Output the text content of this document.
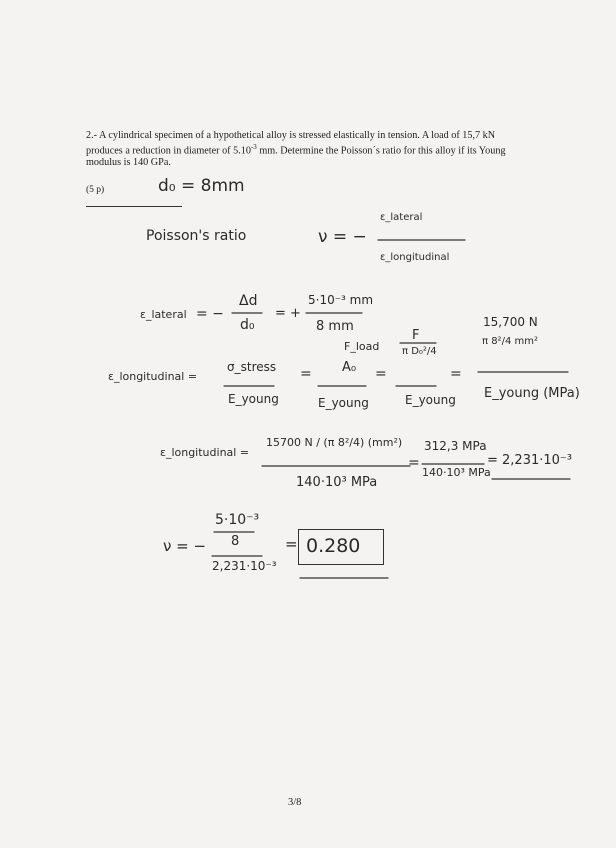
2.- A cylindrical specimen of a hypothetical alloy is stressed elastically in tension. A load of 15,7 kN produces a reduction in diameter of $5.10^{-3}$ mm. Determine the Poisson´s ratio for this alloy if its Young modulus is 140 GPa.
(5 p)	d₀ = 8mm
Poisson's ratio	ν = −
ε_lateral
ε_longitudinal
ε_lateral = −
Δd
d₀
= +
5·10⁻³ mm
8 mm
ε_longitudinal =
σ_stress =
F_load
A₀ =
F
π D₀²/4
=
15,700 N
π 8²/4 mm²
E_young	E_young	E_young E_young (MPa)
ε_longitudinal =
15700 N / (π 8²/4) (mm²)
140·10³ MPa
=
312,3 MPa
140·10³ MPa
= 2,231·10⁻³
ν = −
5·10⁻³
8
2,231·10⁻³
= 0.280
3/8
